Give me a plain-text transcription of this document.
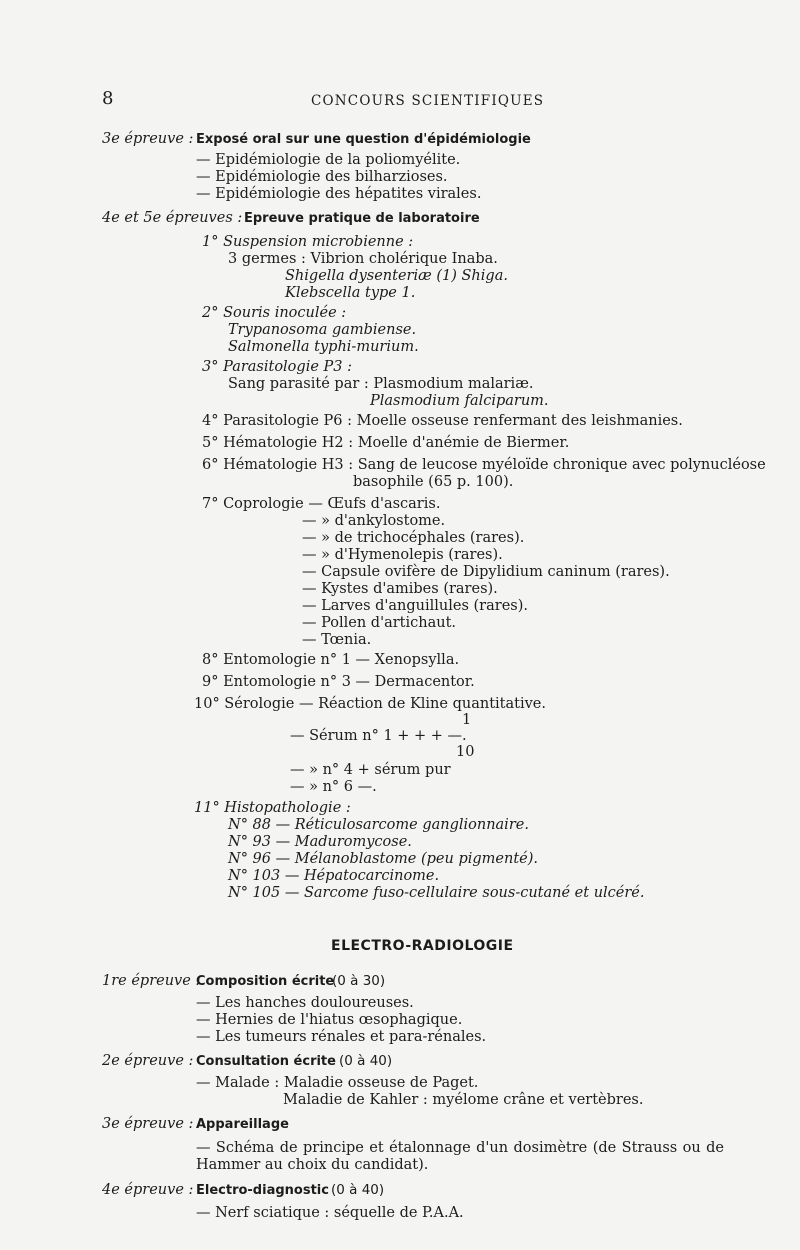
8	CONCOURS SCIENTIFIQUES
3e épreuve : Exposé oral sur une question d'épidémiologie
— Epidémiologie de la poliomyélite.
— Epidémiologie des bilharzioses.
— Epidémiologie des hépatites virales.
4e et 5e épreuves : Epreuve pratique de laboratoire
1° Suspension microbienne :
3 germes : Vibrion cholérique Inaba.
Shigella dysenteriæ (1) Shiga.
Klebscella type 1.
2° Souris inoculée :
Trypanosoma gambiense.
Salmonella typhi-murium.
3° Parasitologie P3 :
Sang parasité par : Plasmodium malariæ.
Plasmodium falciparum.
4° Parasitologie P6 : Moelle osseuse renfermant des leishmanies.
5° Hématologie H2 : Moelle d'anémie de Biermer.
6° Hématologie H3 : Sang de leucose myéloïde chronique avec polynucléose
basophile (65 p. 100).
7° Coprologie — Œufs d'ascaris.
— » d'ankylostome.
— » de trichocéphales (rares).
— » d'Hymenolepis (rares).
— Capsule ovifère de Dipylidium caninum (rares).
— Kystes d'amibes (rares).
— Larves d'anguillules (rares).
— Pollen d'artichaut.
— Tœnia.
8° Entomologie n° 1 — Xenopsylla.
9° Entomologie n° 3 — Dermacentor.
10° Sérologie — Réaction de Kline quantitative.
1
— Sérum n° 1 + + + —.
10
— » n° 4 + sérum pur
— » n° 6 —.
11° Histopathologie :
N° 88 — Réticulosarcome ganglionnaire.
N° 93 — Maduromycose.
N° 96 — Mélanoblastome (peu pigmenté).
N° 103 — Hépatocarcinome.
N° 105 — Sarcome fuso-cellulaire sous-cutané et ulcéré.
ELECTRO-RADIOLOGIE
1re épreuve :
Composition écrite
(0 à 30)
— Les hanches douloureuses.
— Hernies de l'hiatus œsophagique.
— Les tumeurs rénales et para-rénales.
2e épreuve : Consultation écrite (0 à 40)
— Malade : Maladie osseuse de Paget.
Maladie de Kahler : myélome crâne et vertèbres.
3e épreuve : Appareillage
— Schéma de principe et étalonnage d'un dosimètre (de Strauss ou de Hammer au choix du candidat).
4e épreuve : Electro-diagnostic (0 à 40)
— Nerf sciatique : séquelle de P.A.A.
